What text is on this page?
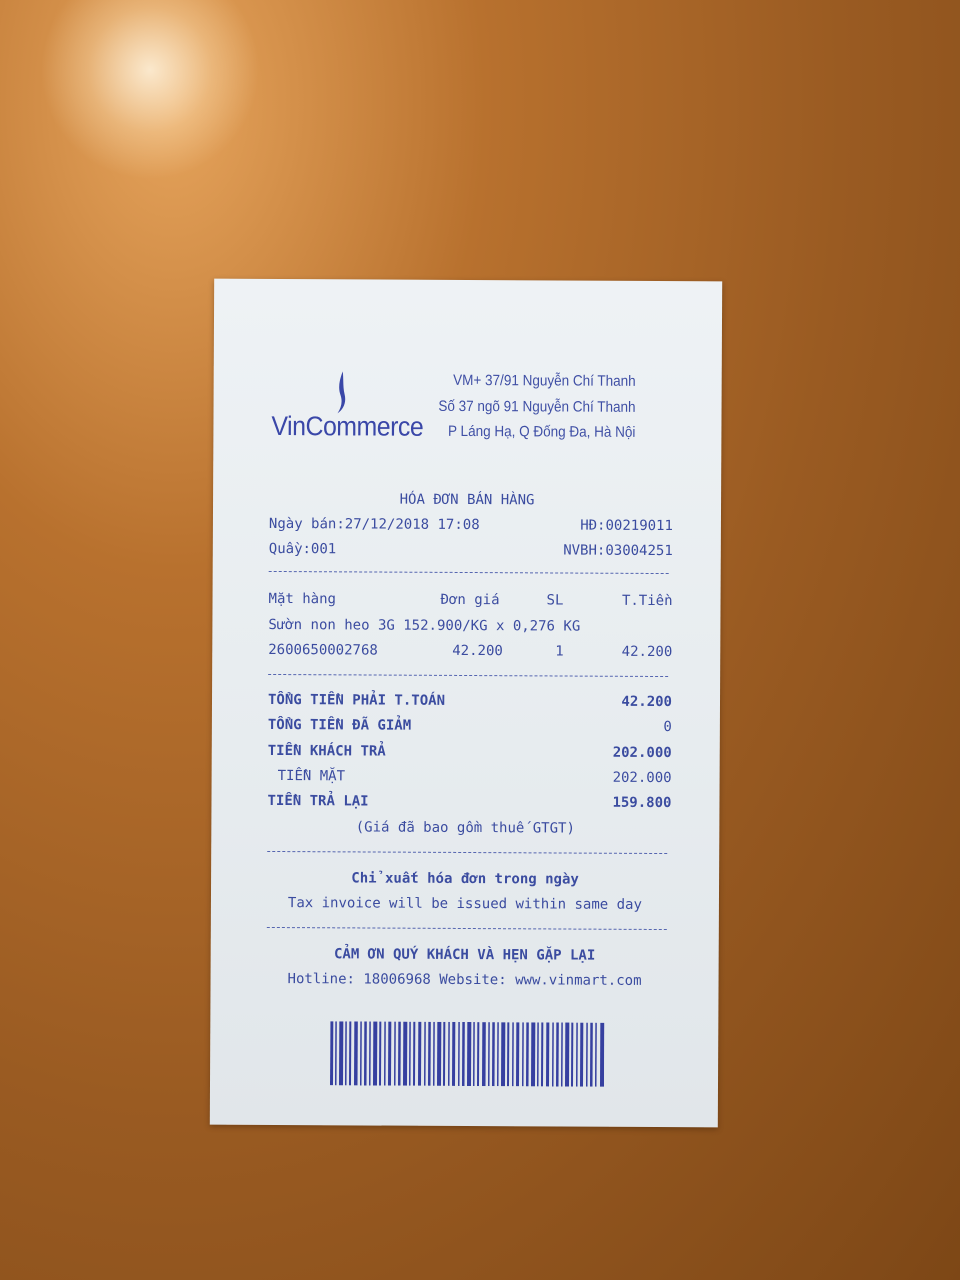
VinCommerce
VM+ 37/91 Nguyễn Chí Thanh
Số 37 ngõ 91 Nguyễn Chí Thanh
P Láng Hạ, Q Đống Đa, Hà Nội
HÓA ĐƠN BÁN HÀNG
Ngày bán:27/12/2018 17:08	HĐ:00219011
Quầy:001	NVBH:03004251
Mặt hàng	Đơn giá	SL	T.Tiền
Sườn non heo 3G 152.900/KG x 0,276 KG
2600650002768	42.200	1	42.200
TỔNG TIỀN PHẢI T.TOÁN	42.200
TỔNG TIỀN ĐÃ GIẢM	0
TIỀN KHÁCH TRẢ	202.000
TIỀN MẶT	202.000
TIỀN TRẢ LẠI	159.800
(Giá đã bao gồm thuế GTGT)
Chỉ xuất hóa đơn trong ngày
Tax invoice will be issued within same day
CẢM ƠN QUÝ KHÁCH VÀ HẸN GẶP LẠI
Hotline: 18006968 Website: www.vinmart.com
